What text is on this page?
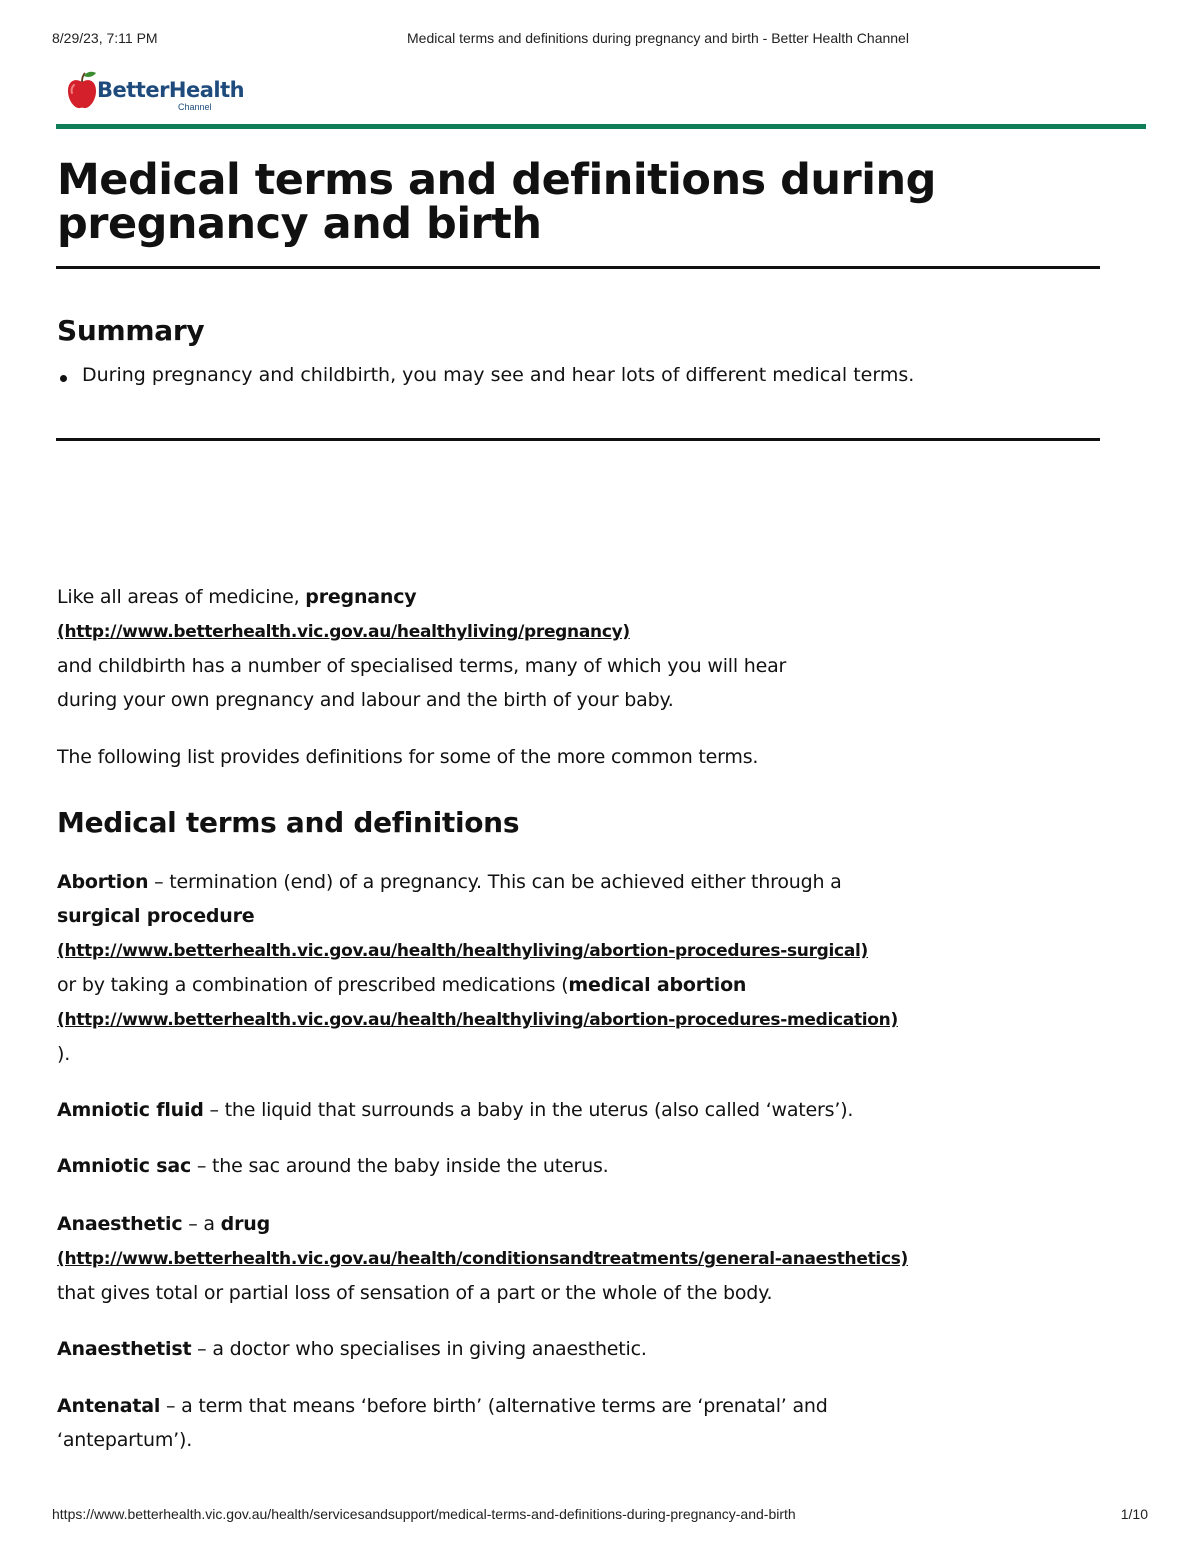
8/29/23, 7:11 PM	Medical terms and definitions during pregnancy and birth - Better Health Channel
BetterHealth
Channel
Medical terms and definitions during pregnancy and birth
Summary
During pregnancy and childbirth, you may see and hear lots of different medical terms.
Like all areas of medicine, pregnancy
(http://www.betterhealth.vic.gov.au/healthyliving/pregnancy)
and childbirth has a number of specialised terms, many of which you will hear
during your own pregnancy and labour and the birth of your baby.
The following list provides definitions for some of the more common terms.
Medical terms and definitions
Abortion – termination (end) of a pregnancy. This can be achieved either through a
surgical procedure
(http://www.betterhealth.vic.gov.au/health/healthyliving/abortion-procedures-surgical)
or by taking a combination of prescribed medications (medical abortion
(http://www.betterhealth.vic.gov.au/health/healthyliving/abortion-procedures-medication)
).
Amniotic fluid – the liquid that surrounds a baby in the uterus (also called ‘waters’).
Amniotic sac – the sac around the baby inside the uterus.
Anaesthetic – a drug
(http://www.betterhealth.vic.gov.au/health/conditionsandtreatments/general-anaesthetics)
that gives total or partial loss of sensation of a part or the whole of the body.
Anaesthetist – a doctor who specialises in giving anaesthetic.
Antenatal – a term that means ‘before birth’ (alternative terms are ‘prenatal’ and
‘antepartum’).
https://www.betterhealth.vic.gov.au/health/servicesandsupport/medical-terms-and-definitions-during-pregnancy-and-birth	1/10
